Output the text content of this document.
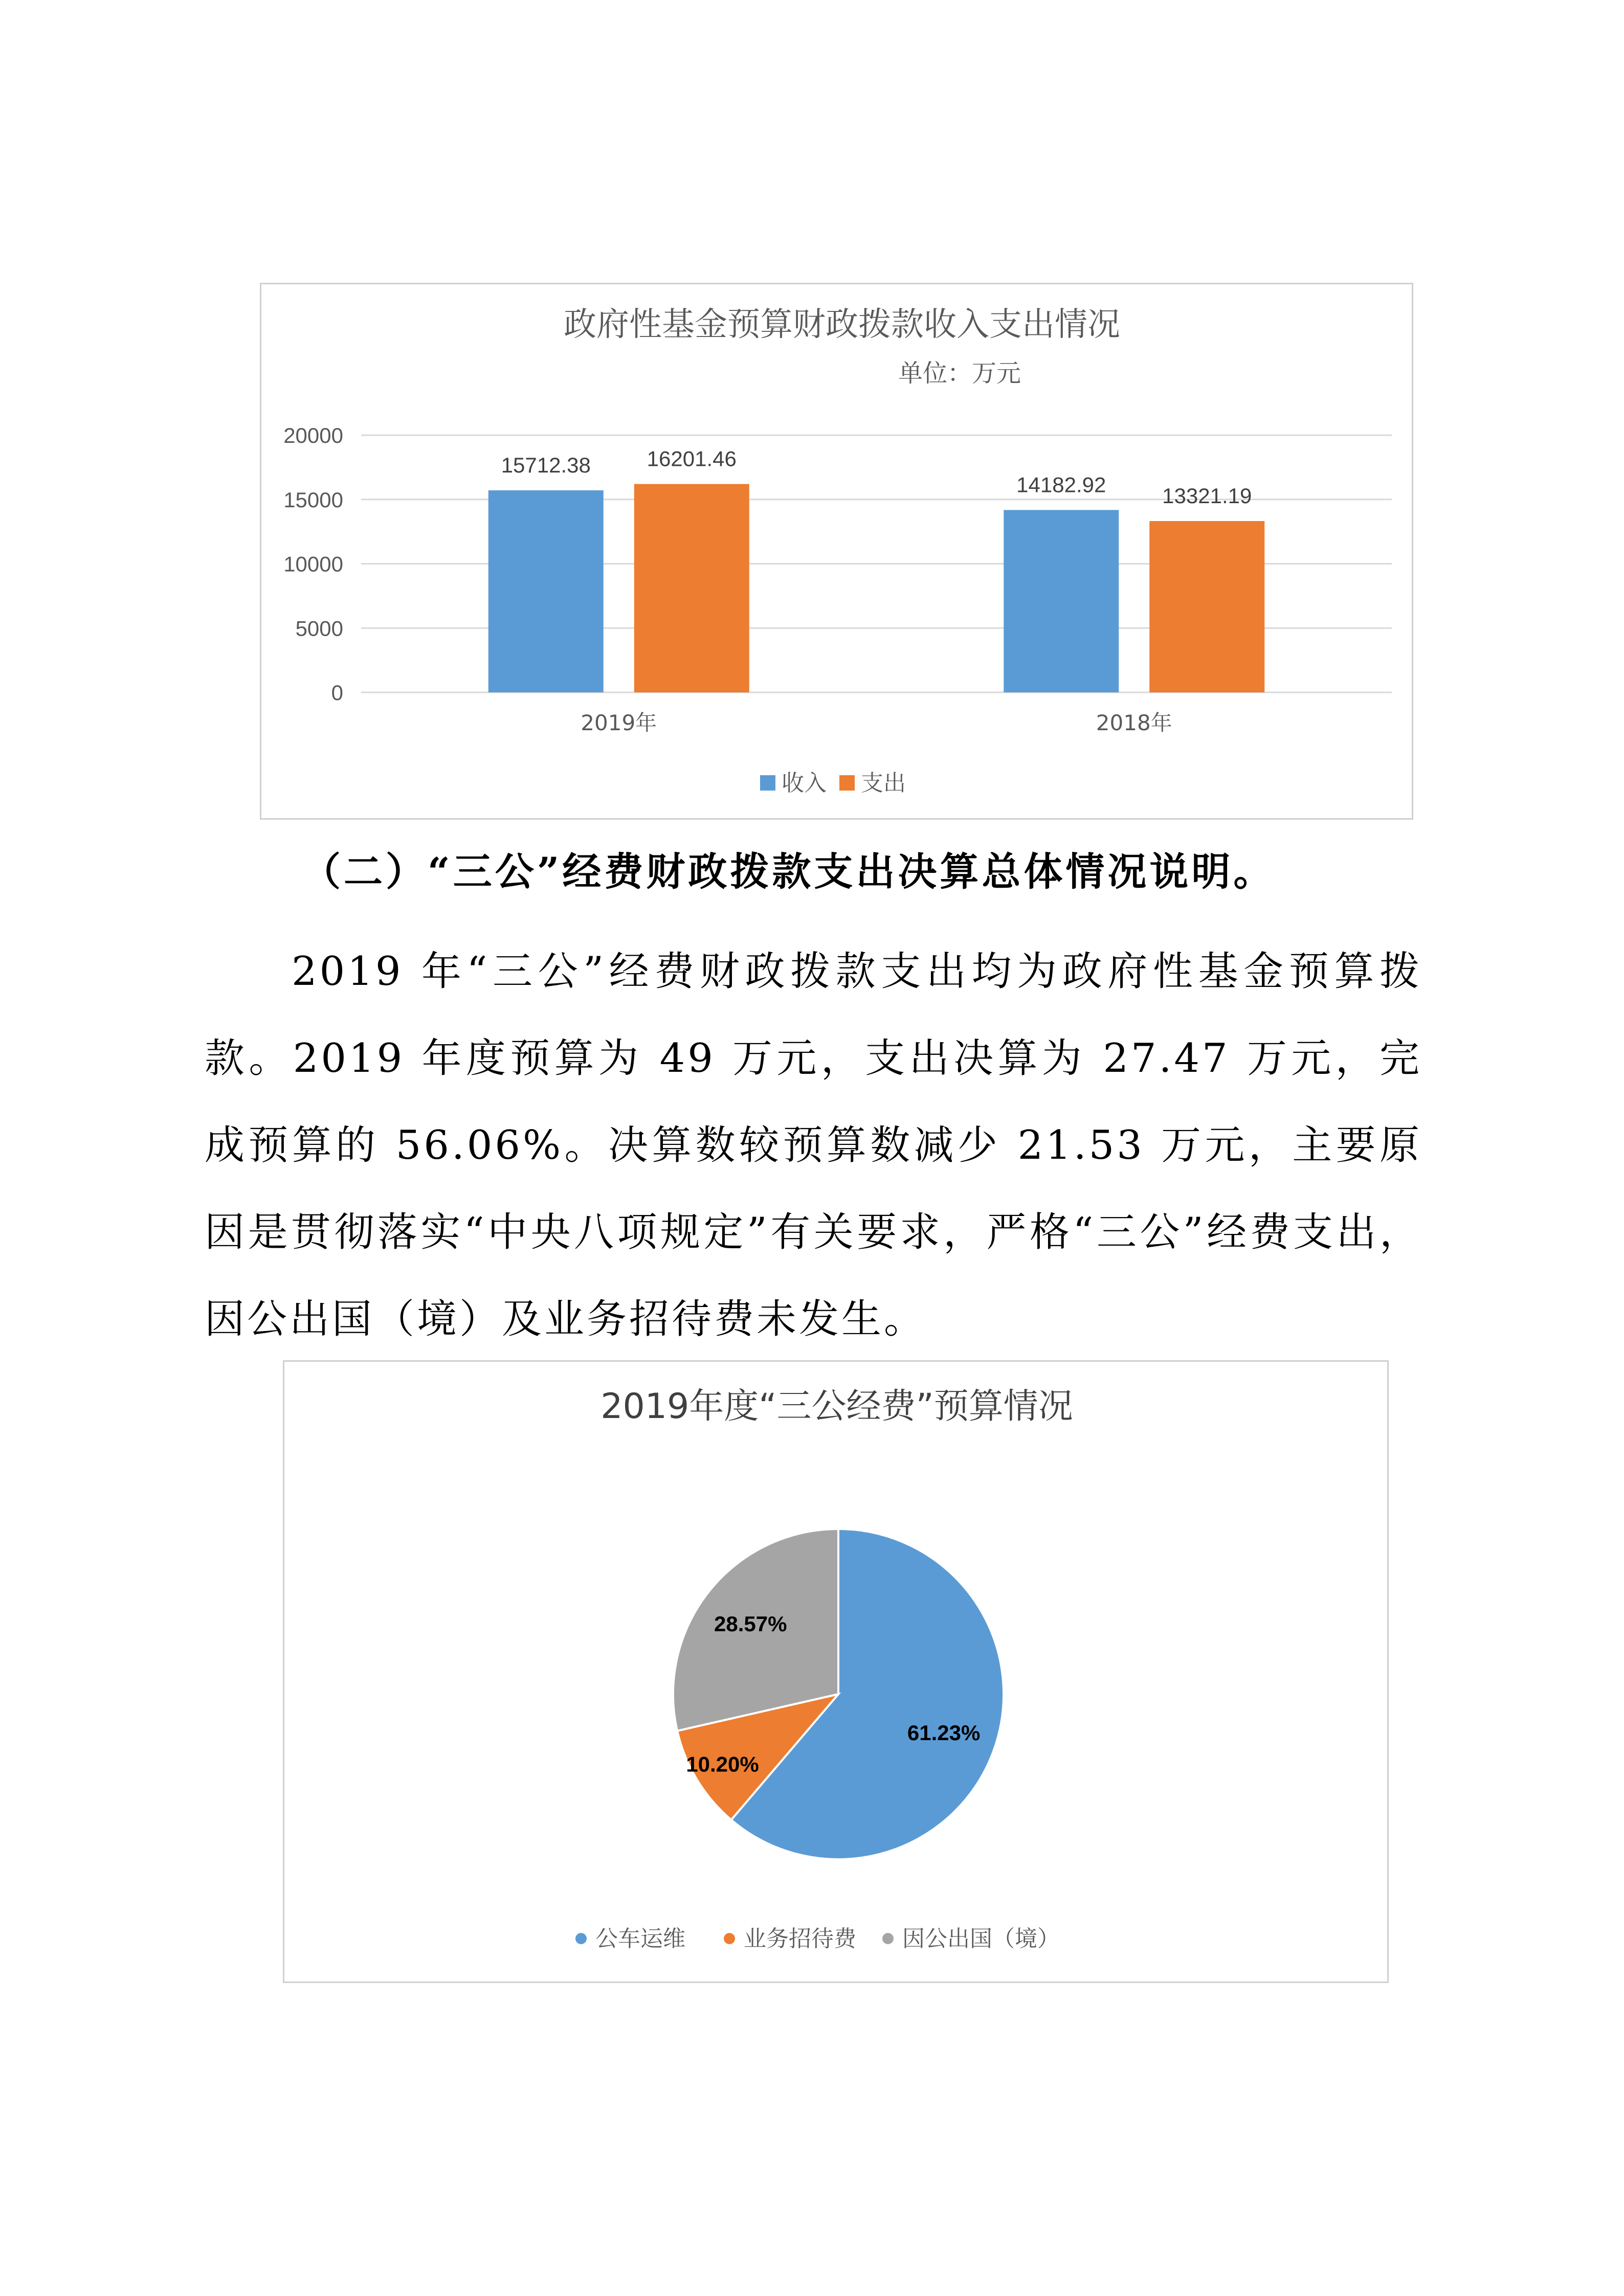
政府性基金预算财政拨款收入支出情况
单位：万元
0
5000
10000
15000
20000
15712.38	16201.46
2019年
14182.92	13321.19
2018年
收入 支出
（二）“三公”经费财政拨款支出决算总体情况说明。
2019 年“三公”经费财政拨款支出均为政府性基金预算拨款。2019 年度预算为 49 万元，支出决算为 27.47 万元，完成预算的 56.06%。决算数较预算数减少 21.53 万元，主要原因是贯彻落实“中央八项规定”有关要求，严格“三公”经费支出，因公出国（境）及业务招待费未发生。
2019年度“三公经费”预算情况
61.23%
10.20%
28.57%
公车运维	业务招待费 因公出国（境）
